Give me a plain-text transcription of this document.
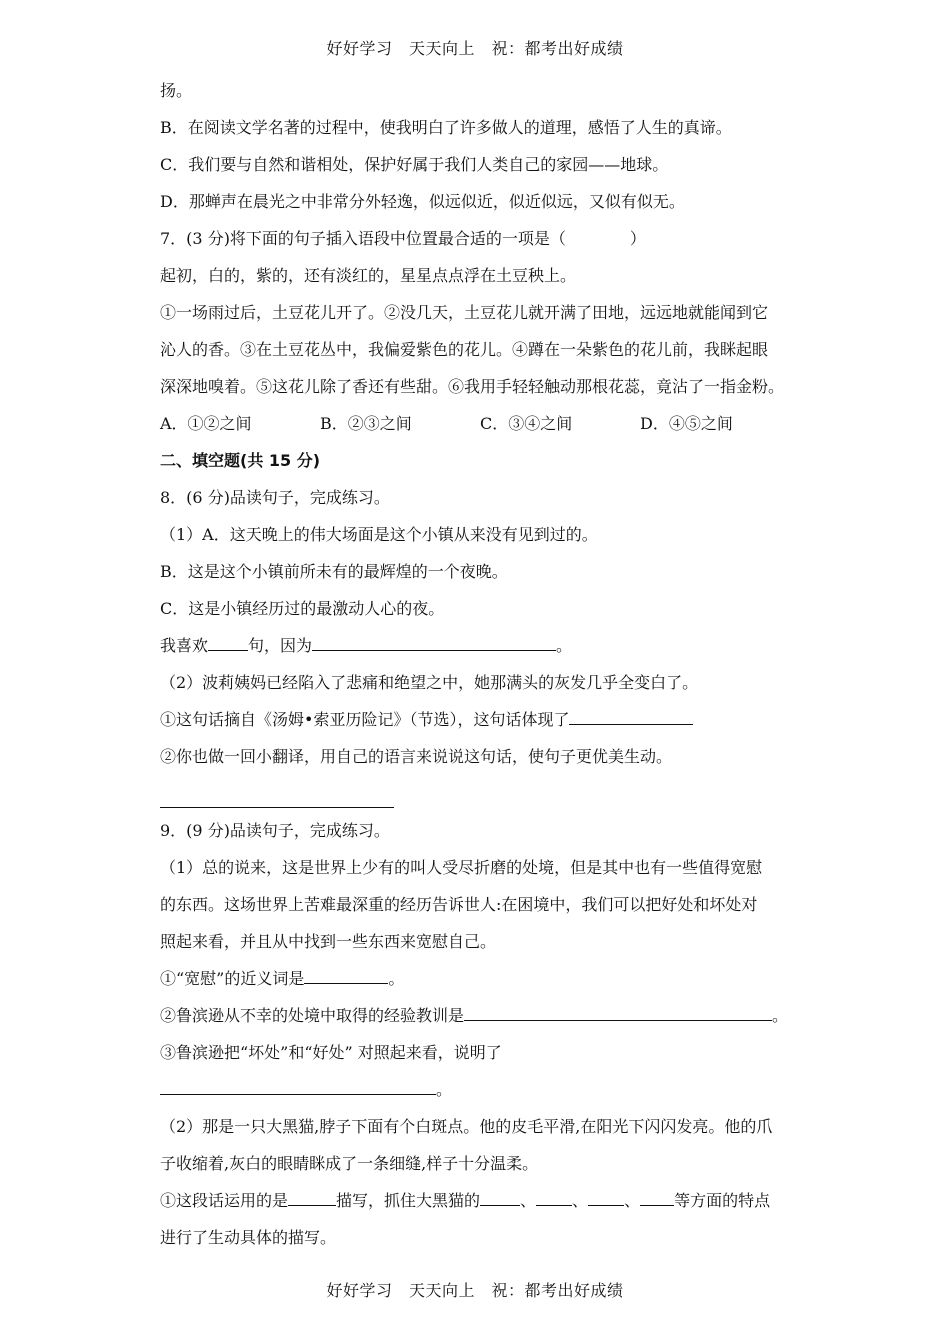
好好学习　天天向上　祝：都考出好成绩
扬。
B．在阅读文学名著的过程中，使我明白了许多做人的道理，感悟了人生的真谛。
C．我们要与自然和谐相处，保护好属于我们人类自己的家园——地球。
D．那蝉声在晨光之中非常分外轻逸，似远似近，似近似远，又似有似无。
7．(3 分)将下面的句子插入语段中位置最合适的一项是（　　　　）
起初，白的，紫的，还有淡红的，星星点点浮在土豆秧上。
①一场雨过后，土豆花儿开了。②没几天，土豆花儿就开满了田地，远远地就能闻到它
沁人的香。③在土豆花丛中，我偏爱紫色的花儿。④蹲在一朵紫色的花儿前，我眯起眼
深深地嗅着。⑤这花儿除了香还有些甜。⑥我用手轻轻触动那根花蕊，竟沾了一指金粉。
A．①②之间	B．②③之间	C．③④之间	D．④⑤之间
二、填空题(共 15 分)
8．(6 分)品读句子，完成练习。
（1）A．这天晚上的伟大场面是这个小镇从来没有见到过的。
B．这是这个小镇前所未有的最辉煌的一个夜晚。
C．这是小镇经历过的最激动人心的夜。
我喜欢	句，因为	。
（2）波莉姨妈已经陷入了悲痛和绝望之中，她那满头的灰发几乎全变白了。
①这句话摘自《汤姆•索亚历险记》（节选），这句话体现了
②你也做一回小翻译，用自己的语言来说说这句话，使句子更优美生动。
9．(9 分)品读句子，完成练习。
（1）总的说来，这是世界上少有的叫人受尽折磨的处境，但是其中也有一些值得宽慰
的东西。这场世界上苦难最深重的经历告诉世人:在困境中，我们可以把好处和坏处对
照起来看，并且从中找到一些东西来宽慰自己。
①“宽慰”的近义词是	。
②鲁滨逊从不幸的处境中取得的经验教训是	。
③鲁滨逊把“坏处”和“好处” 对照起来看，说明了
。
（2）那是一只大黑猫,脖子下面有个白斑点。他的皮毛平滑,在阳光下闪闪发亮。他的爪
子收缩着,灰白的眼睛眯成了一条细缝,样子十分温柔。
①这段话运用的是	描写，抓住大黑猫的	、 、 、 等方面的特点
进行了生动具体的描写。
好好学习　天天向上　祝：都考出好成绩
